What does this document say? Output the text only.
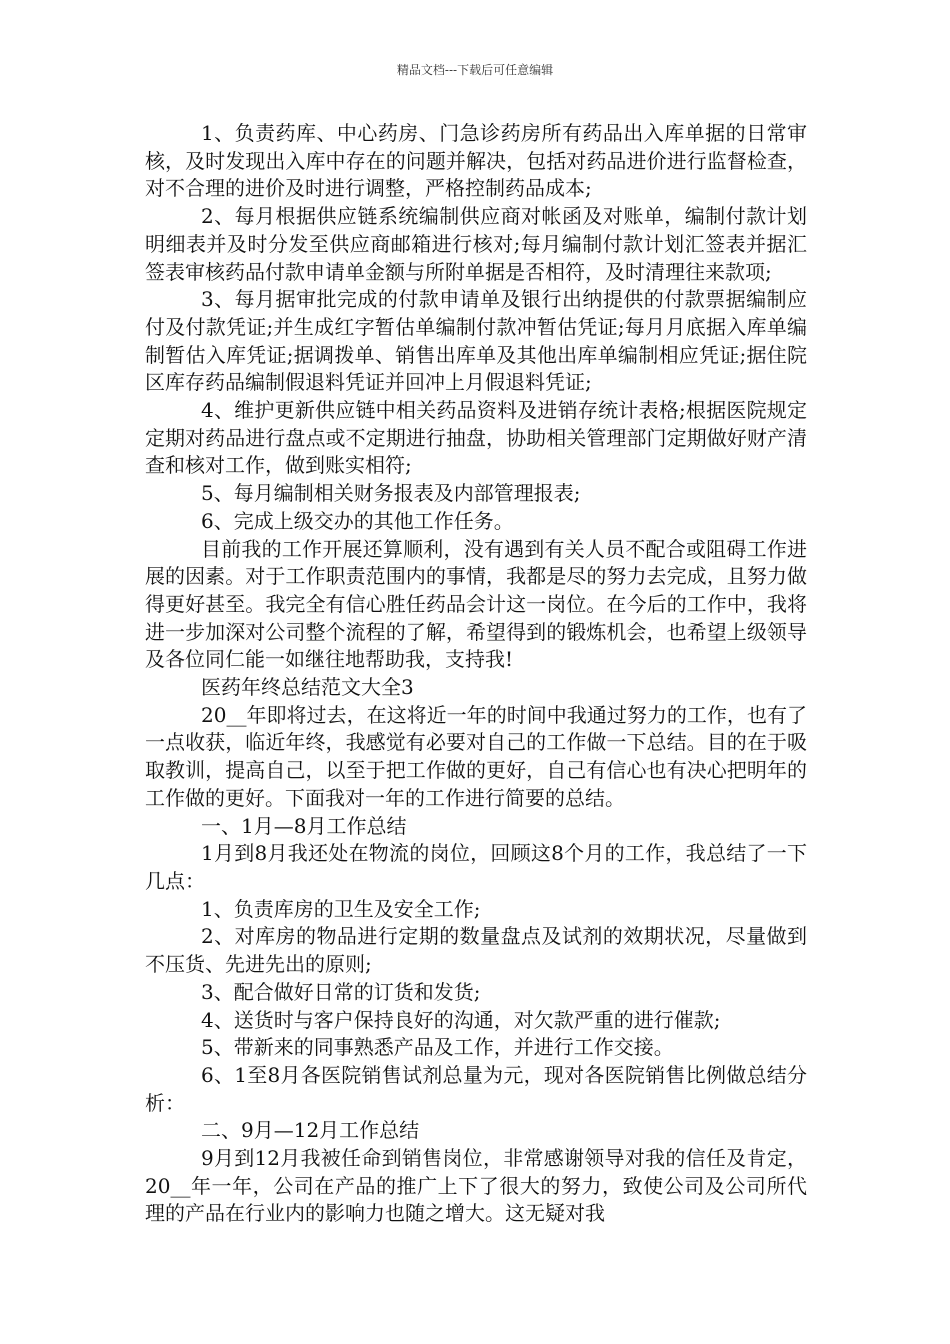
精品文档---下载后可任意编辑

1、负责药库、中心药房、门急诊药房所有药品出入库单据的日常审核，及时发现出入库中存在的问题并解决，包括对药品进价进行监督检查，对不合理的进价及时进行调整，严格控制药品成本;

2、每月根据供应链系统编制供应商对帐函及对账单，编制付款计划明细表并及时分发至供应商邮箱进行核对;每月编制付款计划汇签表并据汇签表审核药品付款申请单金额与所附单据是否相符，及时清理往来款项;

3、每月据审批完成的付款申请单及银行出纳提供的付款票据编制应付及付款凭证;并生成红字暂估单编制付款冲暂估凭证;每月月底据入库单编制暂估入库凭证;据调拨单、销售出库单及其他出库单编制相应凭证;据住院区库存药品编制假退料凭证并回冲上月假退料凭证;

4、维护更新供应链中相关药品资料及进销存统计表格;根据医院规定定期对药品进行盘点或不定期进行抽盘，协助相关管理部门定期做好财产清查和核对工作，做到账实相符;

5、每月编制相关财务报表及内部管理报表;

6、完成上级交办的其他工作任务。

目前我的工作开展还算顺利，没有遇到有关人员不配合或阻碍工作进展的因素。对于工作职责范围内的事情，我都是尽的努力去完成，且努力做得更好甚至。我完全有信心胜任药品会计这一岗位。在今后的工作中，我将进一步加深对公司整个流程的了解，希望得到的锻炼机会，也希望上级领导及各位同仁能一如继往地帮助我，支持我!

医药年终总结范文大全3

20__年即将过去，在这将近一年的时间中我通过努力的工作，也有了一点收获，临近年终，我感觉有必要对自己的工作做一下总结。目的在于吸取教训，提高自己，以至于把工作做的更好，自己有信心也有决心把明年的工作做的更好。下面我对一年的工作进行简要的总结。

一、1月—8月工作总结

1月到8月我还处在物流的岗位，回顾这8个月的工作，我总结了一下几点：

1、负责库房的卫生及安全工作;

2、对库房的物品进行定期的数量盘点及试剂的效期状况，尽量做到不压货、先进先出的原则;

3、配合做好日常的订货和发货;

4、送货时与客户保持良好的沟通，对欠款严重的进行催款;

5、带新来的同事熟悉产品及工作，并进行工作交接。

6、1至8月各医院销售试剂总量为元，现对各医院销售比例做总结分析：

二、9月—12月工作总结

9月到12月我被任命到销售岗位，非常感谢领导对我的信任及肯定，20__年一年，公司在产品的推广上下了很大的努力，致使公司及公司所代理的产品在行业内的影响力也随之增大。这无疑对我
